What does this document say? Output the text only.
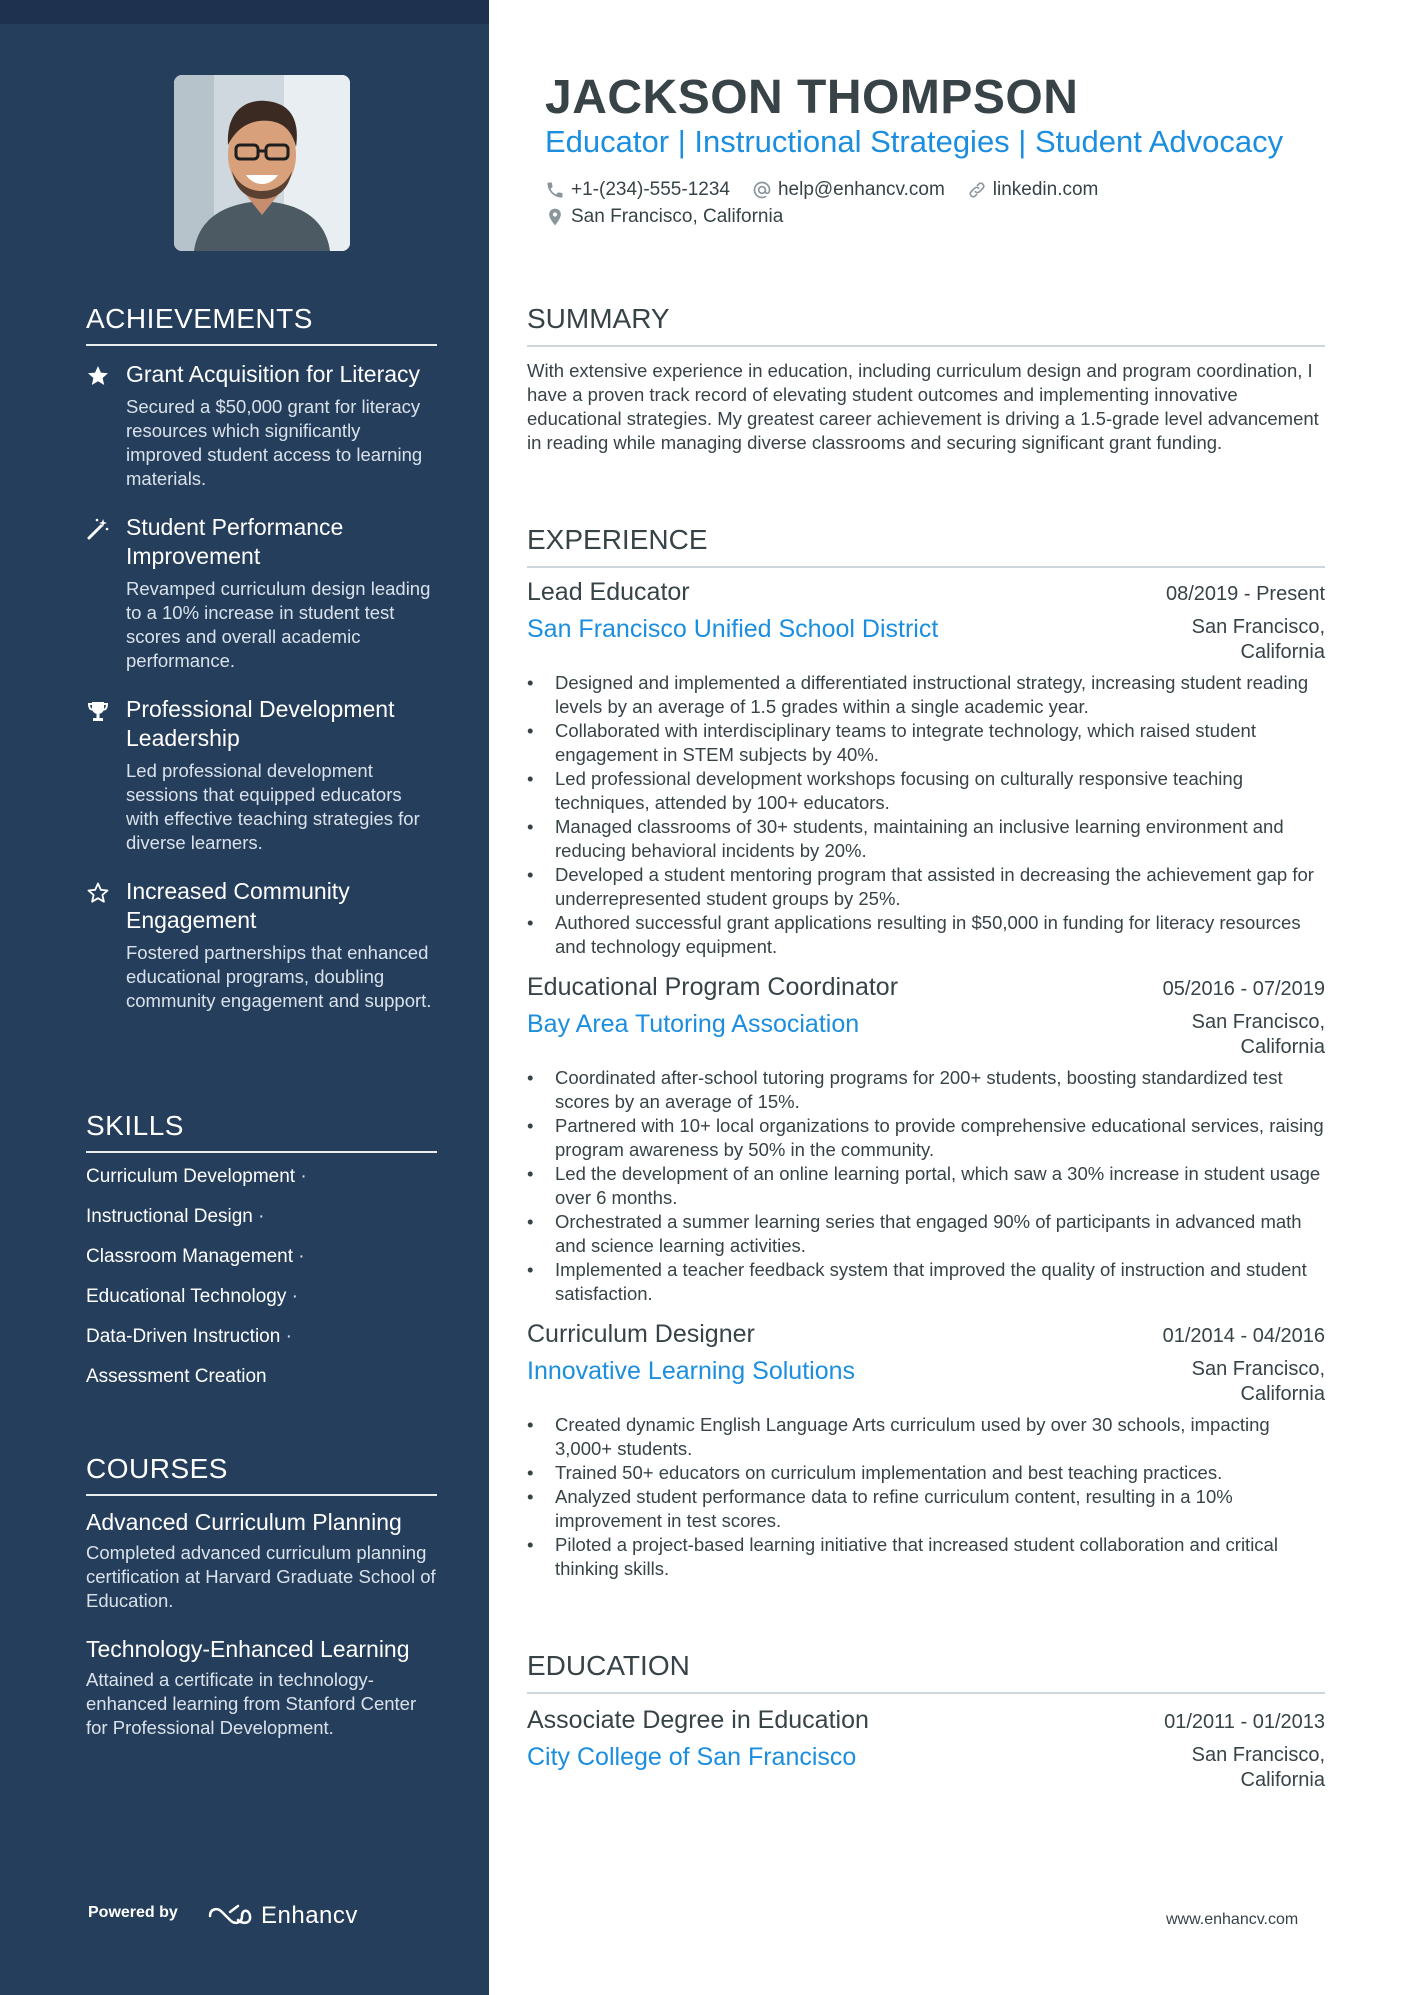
ACHIEVEMENTS
Grant Acquisition for Literacy
Secured a $50,000 grant for literacy resources which significantly improved student access to learning materials.
Student Performance Improvement
Revamped curriculum design leading to a 10% increase in student test scores and overall academic performance.
Professional Development Leadership
Led professional development sessions that equipped educators with effective teaching strategies for diverse learners.
Increased Community Engagement
Fostered partnerships that enhanced educational programs, doubling community engagement and support.
SKILLS
Curriculum Development ·
Instructional Design ·
Classroom Management ·
Educational Technology ·
Data-Driven Instruction ·
Assessment Creation
COURSES
Advanced Curriculum Planning
Completed advanced curriculum planning certification at Harvard Graduate School of Education.
Technology-Enhanced Learning
Attained a certificate in technology-enhanced learning from Stanford Center for Professional Development.
Powered by	Enhancv
JACKSON THOMPSON
Educator | Instructional Strategies | Student Advocacy
+1-(234)-555-1234	help@enhancv.com	linkedin.com
San Francisco, California
SUMMARY
With extensive experience in education, including curriculum design and program coordination, I have a proven track record of elevating student outcomes and implementing innovative educational strategies. My greatest career achievement is driving a 1.5-grade level advancement in reading while managing diverse classrooms and securing significant grant funding.
EXPERIENCE
Lead Educator	08/2019 - Present
San Francisco Unified School District	San Francisco, California
• Designed and implemented a differentiated instructional strategy, increasing student reading levels by an average of 1.5 grades within a single academic year.
• Collaborated with interdisciplinary teams to integrate technology, which raised student engagement in STEM subjects by 40%.
• Led professional development workshops focusing on culturally responsive teaching techniques, attended by 100+ educators.
• Managed classrooms of 30+ students, maintaining an inclusive learning environment and reducing behavioral incidents by 20%.
• Developed a student mentoring program that assisted in decreasing the achievement gap for underrepresented student groups by 25%.
• Authored successful grant applications resulting in $50,000 in funding for literacy resources and technology equipment.
Educational Program Coordinator	05/2016 - 07/2019
Bay Area Tutoring Association	San Francisco, California
• Coordinated after-school tutoring programs for 200+ students, boosting standardized test scores by an average of 15%.
• Partnered with 10+ local organizations to provide comprehensive educational services, raising program awareness by 50% in the community.
• Led the development of an online learning portal, which saw a 30% increase in student usage over 6 months.
• Orchestrated a summer learning series that engaged 90% of participants in advanced math and science learning activities.
• Implemented a teacher feedback system that improved the quality of instruction and student satisfaction.
Curriculum Designer	01/2014 - 04/2016
Innovative Learning Solutions	San Francisco, California
• Created dynamic English Language Arts curriculum used by over 30 schools, impacting 3,000+ students.
• Trained 50+ educators on curriculum implementation and best teaching practices.
• Analyzed student performance data to refine curriculum content, resulting in a 10% improvement in test scores.
• Piloted a project-based learning initiative that increased student collaboration and critical thinking skills.
EDUCATION
Associate Degree in Education	01/2011 - 01/2013
City College of San Francisco	San Francisco, California
www.enhancv.com
